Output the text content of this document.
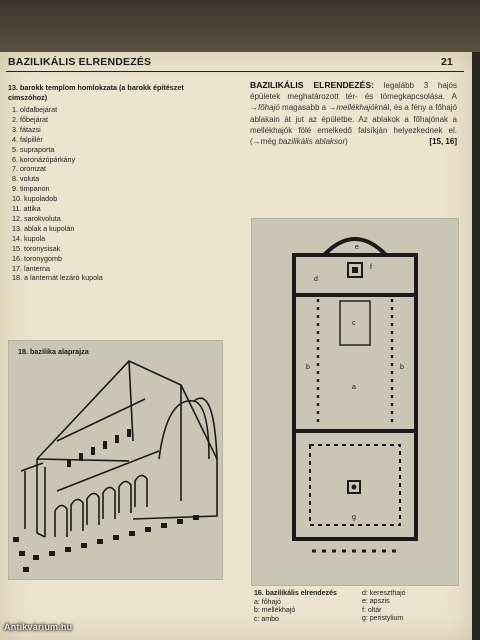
BAZILIKÁLIS ELRENDEZÉS	21
13. barokk templom homlokzata (a barokk építészet címszóhoz)
1. oldalbejárat
2. főbejárat
3. fátazsi
4. falpillér
5. supraporta
6. koronázópárkány
7. oromzat
8. voluta
9. timpanon
10. kupoladob
11. attika
12. sarokvoluta
13. ablak a kupolán
14. kupola
15. toronysisak
16. toronygomb
17. lanterna
18. a lanternát lezáró kupola
BAZILIKÁLIS ELRENDEZÉS: legalább 3 hajós épületek meghatározott tér- és tömegkapcsolása. A →főhajó magasabb a →mellékhajóknál, és a fény a főhajó ablakain át jut az épületbe. Az ablakok a főhajónak a mellékhajók fölé emelkedő falsíkján helyezkednek el. (→még bazilikális ablaksor)	[15, 16]
18. bazilika alaprajza
d
e
f
b
c
b
a
g
16. bazilikális elrendezés
a: főhajó
b: mellékhajó
c: ambo
d: kereszthajó
e: apszis
f: oltár
g: peristylium
Antikvárium.hu
